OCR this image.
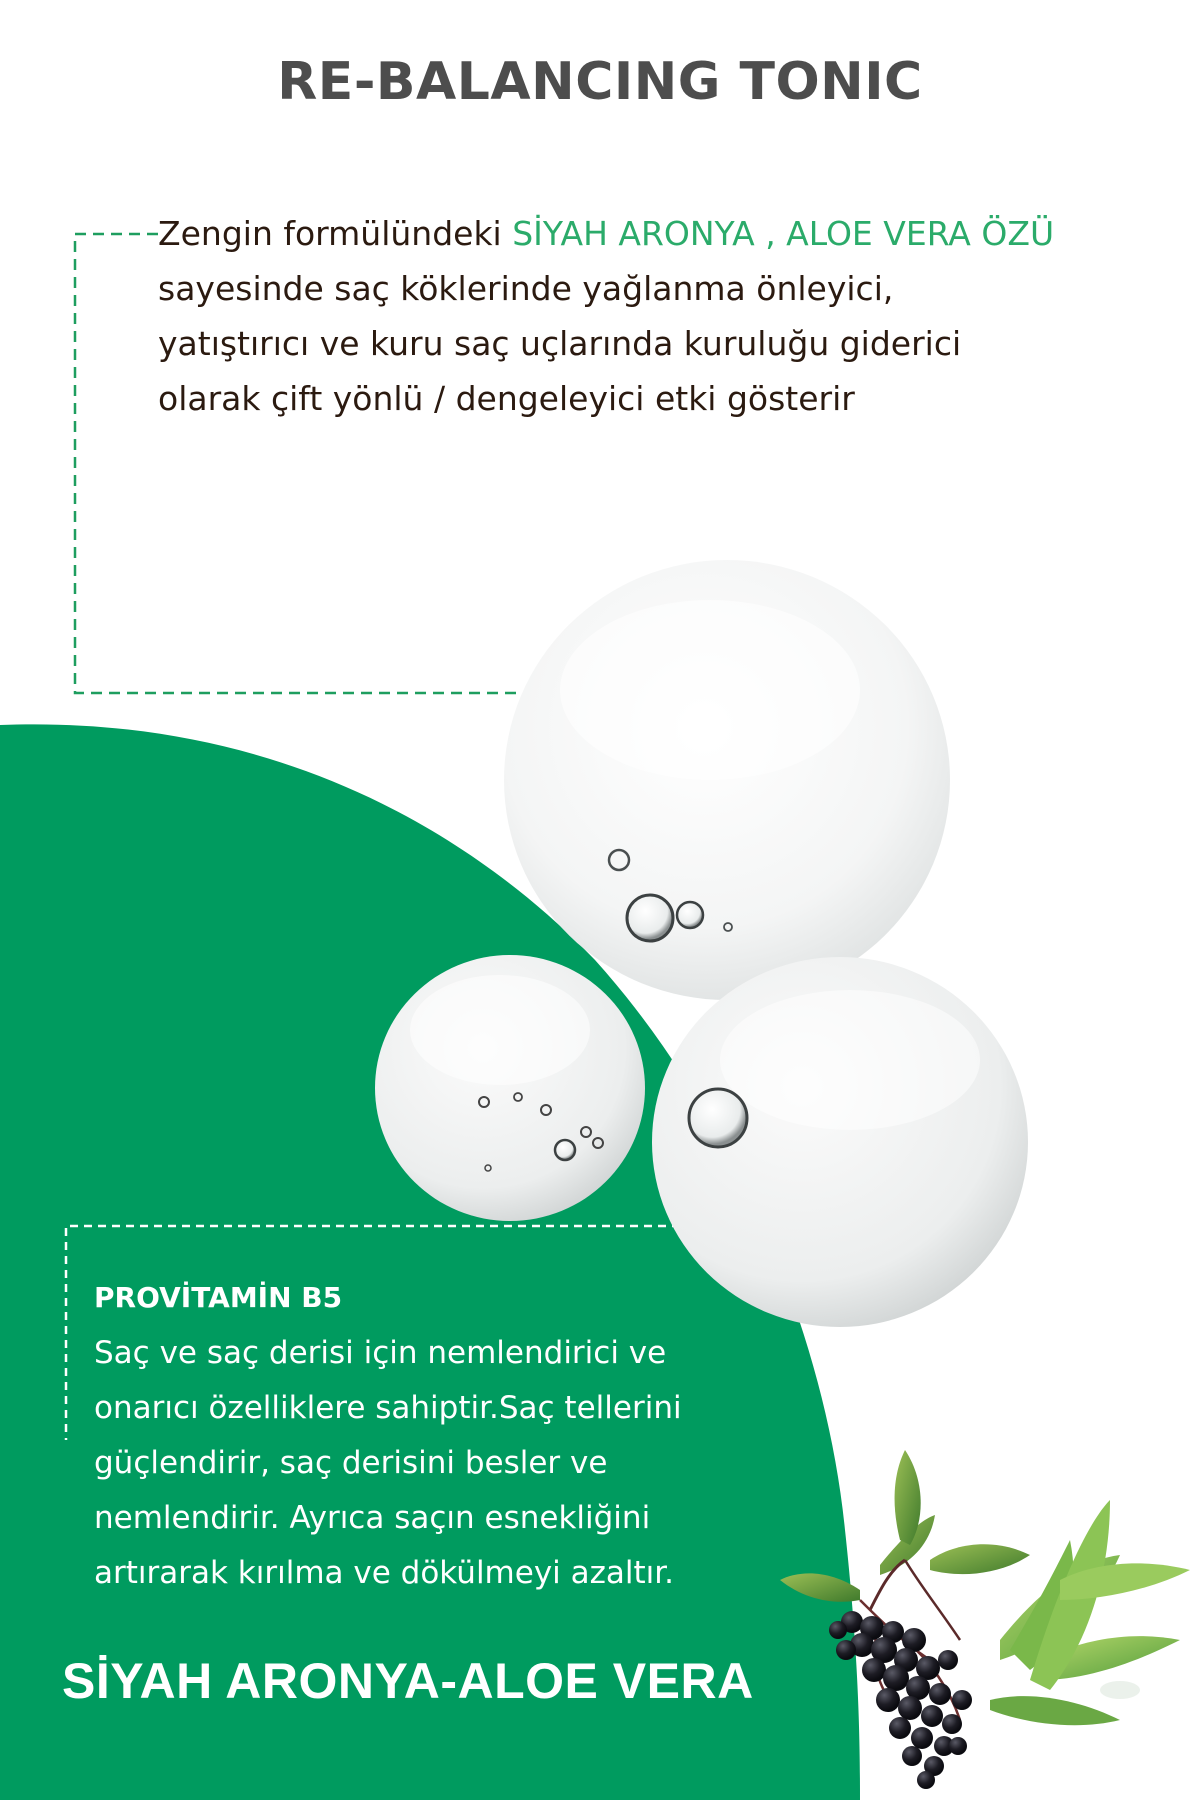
RE-BALANCING TONIC
Zengin formülündeki SİYAH ARONYA , ALOE VERA ÖZÜ
sayesinde saç köklerinde yağlanma önleyici,
yatıştırıcı ve kuru saç uçlarında kuruluğu giderici
olarak çift yönlü / dengeleyici etki gösterir

PROVİTAMİN B5

Saç ve saç derisi için nemlendirici ve
onarıcı özelliklere sahiptir.Saç tellerini
güçlendirir, saç derisini besler ve
nemlendirir. Ayrıca saçın esnekliğini
artırarak kırılma ve dökülmeyi azaltır.
SİYAH ARONYA-ALOE VERA
